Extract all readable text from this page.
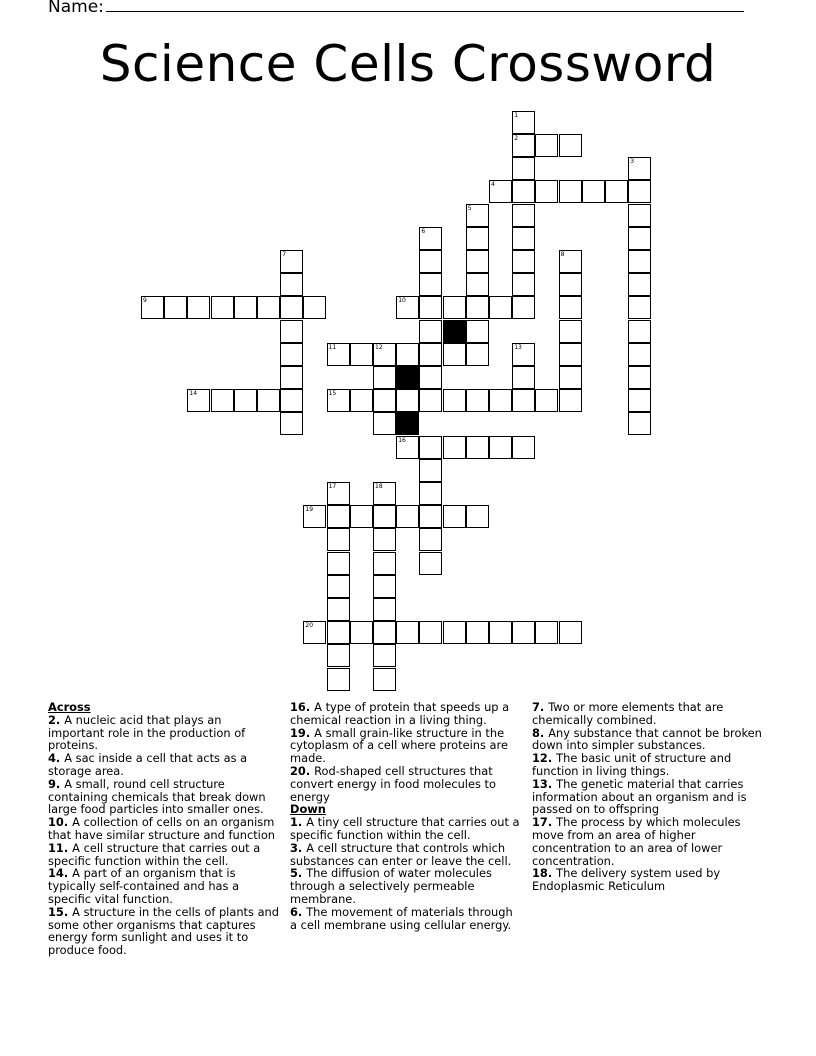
Name:
Science Cells Crossword
1
2
3
4
5
6
7	8
9	10
11	12	13
14	15
16
17	18
19
20
Across
2. A nucleic acid that plays an important role in the production of proteins.
4. A sac inside a cell that acts as a storage area.
9. A small, round cell structure containing chemicals that break down large food particles into smaller ones.
10. A collection of cells on an organism that have similar structure and function
11. A cell structure that carries out a specific function within the cell.
14. A part of an organism that is typically self-contained and has a specific vital function.
15. A structure in the cells of plants and some other organisms that captures energy form sunlight and uses it to produce food.
16. A type of protein that speeds up a chemical reaction in a living thing.
19. A small grain-like structure in the cytoplasm of a cell where proteins are made.
20. Rod-shaped cell structures that convert energy in food molecules to energy
Down
1. A tiny cell structure that carries out a specific function within the cell.
3. A cell structure that controls which substances can enter or leave the cell.
5. The diffusion of water molecules through a selectively permeable membrane.
6. The movement of materials through a cell membrane using cellular energy.
7. Two or more elements that are chemically combined.
8. Any substance that cannot be broken down into simpler substances.
12. The basic unit of structure and function in living things.
13. The genetic material that carries information about an organism and is passed on to offspring
17. The process by which molecules move from an area of higher concentration to an area of lower concentration.
18. The delivery system used by Endoplasmic Reticulum
